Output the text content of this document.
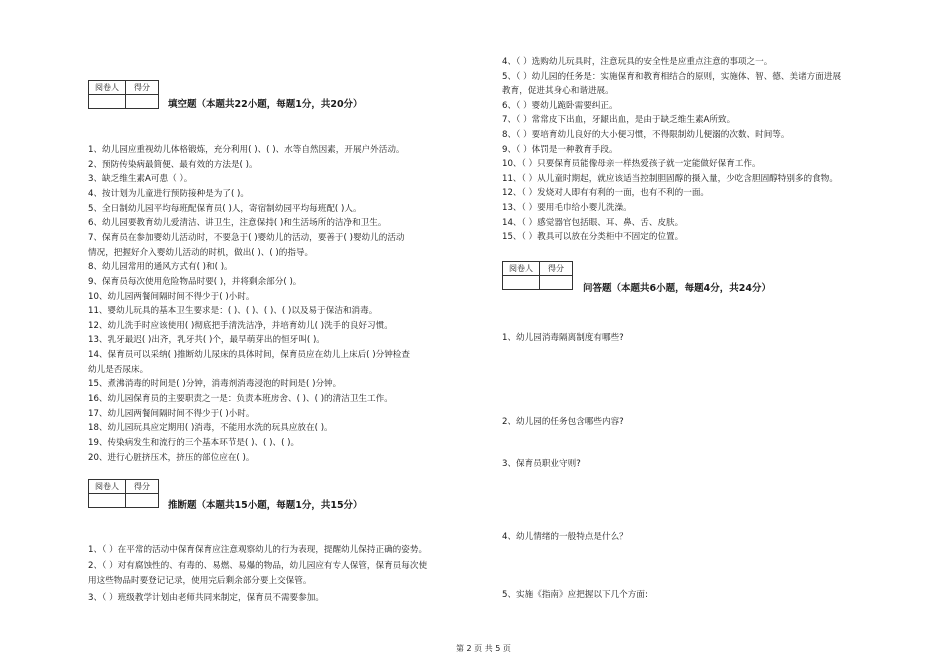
阅卷人	得分

填空题（本题共22小题，每题1分，共20分）
1、幼儿园应重视幼儿体格锻炼，充分利用( )、( )、水等自然因素，开展户外活动。
2、预防传染病最简便、最有效的方法是( )。
3、缺乏维生素A可患（ ）。
4、按计划为儿童进行预防接种是为了( )。
5、全日制幼儿园平均每班配保育员( )人，寄宿制幼园平均每班配( )人。
6、幼儿园要教育幼儿爱清洁、讲卫生，注意保持( )和生活场所的洁净和卫生。
7、保育员在参加婴幼儿活动时，不要急于( )婴幼儿的活动，要善于( )婴幼儿的活动
情况，把握好介入婴幼儿活动的时机，做出( )、( )的指导。
8、幼儿园常用的通风方式有( )和( )。
9、保育员每次使用危险物品时要( )，并将剩余部分( )。
10、幼儿园两餐间隔时间不得少于( )小时。
11、婴幼儿玩具的基本卫生要求是：( )、( )、( )、( )以及易于保洁和消毒。
12、幼儿洗手时应该使用( )彻底把手清洗洁净，并培育幼儿( )洗手的良好习惯。
13、乳牙最迟( )出齐，乳牙共( )个，最早萌芽出的恒牙叫( )。
14、保育员可以采纳( )推断幼儿尿床的具体时间，保育员应在幼儿上床后( )分钟检查
幼儿是否尿床。
15、煮沸消毒的时间是( )分钟，消毒剂消毒浸泡的时间是( )分钟。
16、幼儿园保育员的主要职责之一是：负责本班房舍、( )、( )的清洁卫生工作。
17、幼儿园两餐间隔时间不得少于( )小时。
18、幼儿园玩具应定期用( )消毒，不能用水洗的玩具应放在( )。
19、传染病发生和流行的三个基本环节是( )、( )、( )。
20、进行心脏挤压术，挤压的部位应在( )。
阅卷人	得分

推断题（本题共15小题，每题1分，共15分）
1、（ ）在平常的活动中保育保育应注意观察幼儿的行为表现，提醒幼儿保持正确的姿势。
2、（ ）对有腐蚀性的、有毒的、易燃、易爆的物品，幼儿园应有专人保管，保育员每次使
用这些物品时要登记记录，使用完后剩余部分要上交保管。
3、（ ）班级教学计划由老师共同来制定，保育员不需要参加。
4、（ ）选购幼儿玩具时，注意玩具的安全性是应重点注意的事项之一。
5、（ ）幼儿园的任务是：实施保育和教育相结合的原则，实施体、智、德、美诸方面进展
教育，促进其身心和谐进展。
6、（ ）婴幼儿跪卧需要纠正。
7、（ ）常常皮下出血，牙龈出血，是由于缺乏维生素A所致。
8、（ ）要培育幼儿良好的大小便习惯，不得限制幼儿便溺的次数、时间等。
9、（ ）体罚是一种教育手段。
10、（ ）只要保育员能像母亲一样热爱孩子就一定能做好保育工作。
11、（ ）从儿童时期起，就应该适当控制胆固醇的摄入量，少吃含胆固醇特别多的食物。
12、（ ）发烧对人即有有利的一面，也有不利的一面。
13、（ ）要用毛巾给小婴儿洗澡。
14、（ ）感觉器官包括眼、耳、鼻、舌、皮肤。
15、（ ）教具可以放在分类柜中不固定的位置。
阅卷人	得分

问答题（本题共6小题，每题4分，共24分）
1、幼儿园消毒隔离制度有哪些?
2、幼儿园的任务包含哪些内容?
3、保育员职业守则?
4、幼儿情绪的一般特点是什么？
5、实施《指南》应把握以下几个方面:
第 2 页 共 5 页
